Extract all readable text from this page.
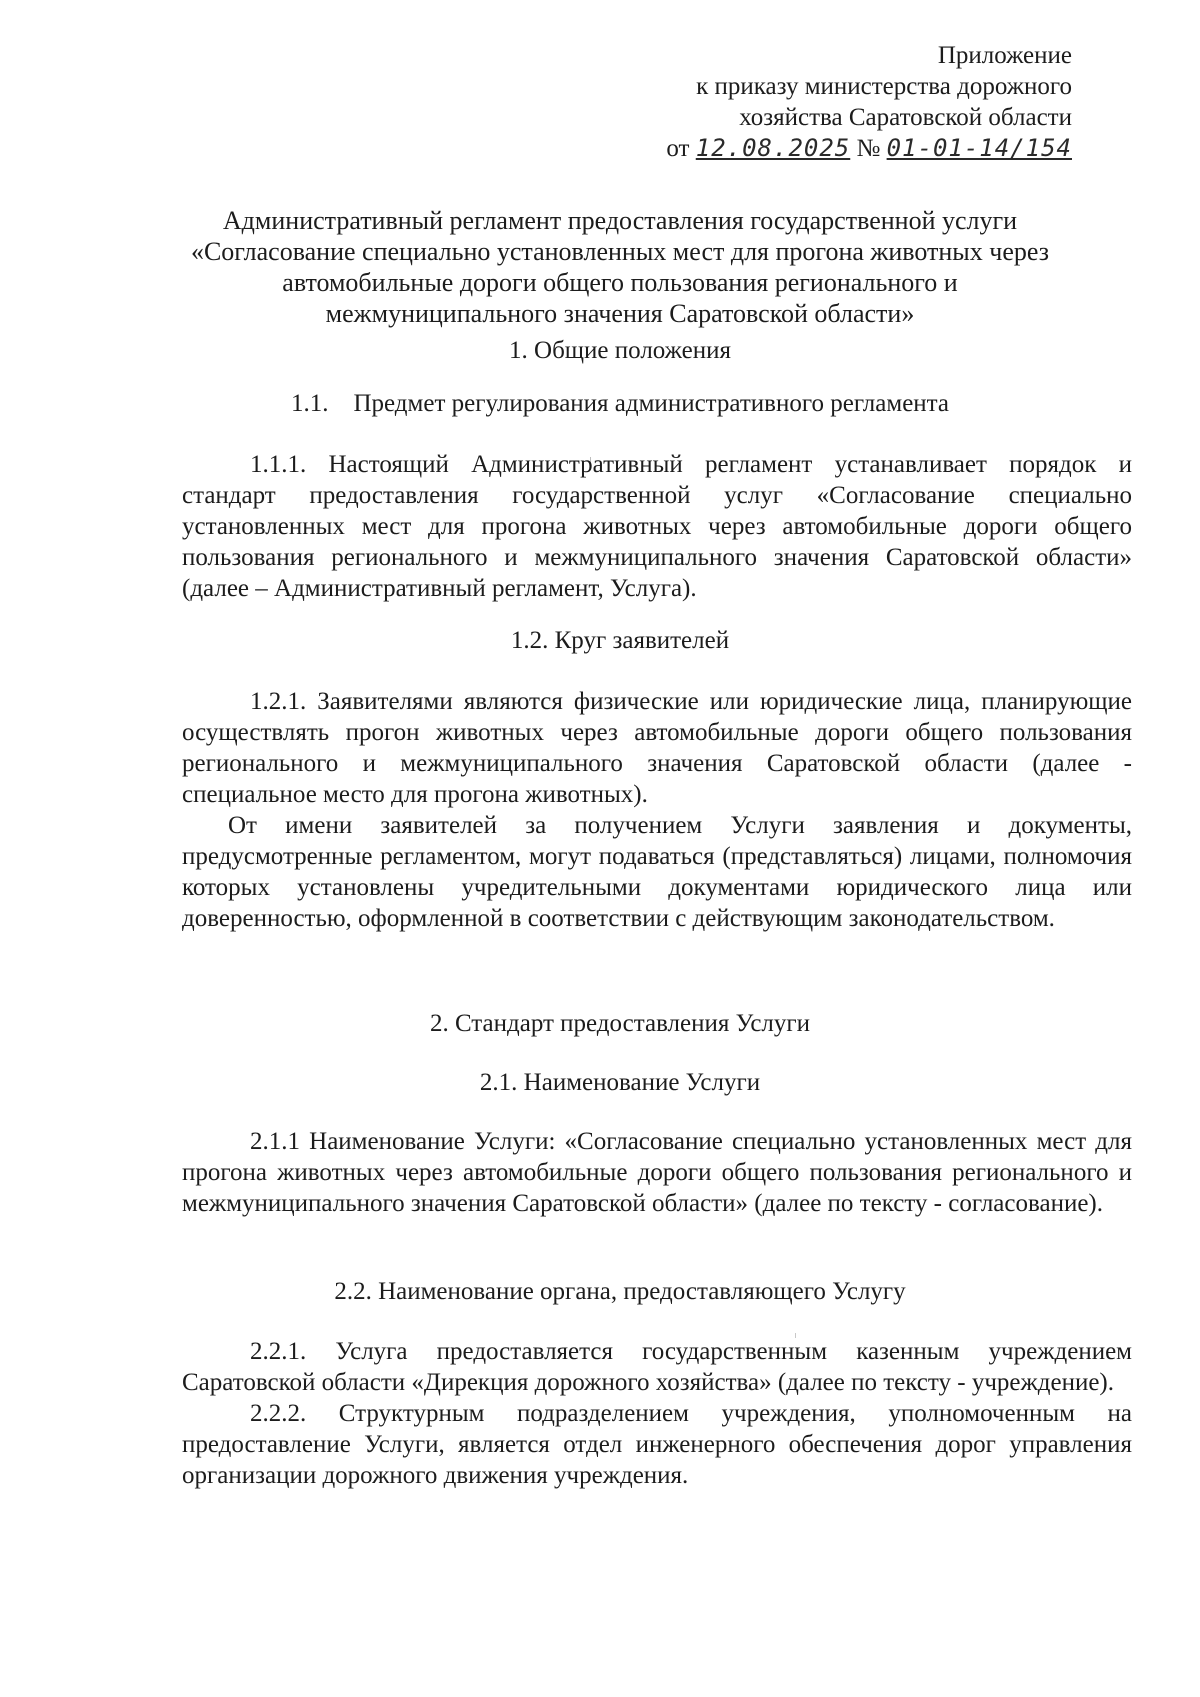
Приложение
к приказу министерства дорожного
хозяйства Саратовской области
от 12.08.2025 № 01-01-14/154
Административный регламент предоставления государственной услуги
«Согласование специально установленных мест для прогона животных через
автомобильные дороги общего пользования регионального и
межмуниципального значения Саратовской области»
1. Общие положения
1.1.    Предмет регулирования административного регламента

1.1.1. Настоящий Административный регламент устанавливает порядок и стандарт предоставления государственной услуг «Согласование специально установленных мест для прогона животных через автомобильные дороги общего пользования регионального и межмуниципального значения Саратовской области» (далее – Административный регламент, Услуга).

1.2. Круг заявителей

1.2.1. Заявителями являются физические или юридические лица, планирующие осуществлять прогон животных через автомобильные дороги общего пользования регионального и межмуниципального значения Саратовской области (далее - специальное место для прогона животных).

От имени заявителей за получением Услуги заявления и документы, предусмотренные регламентом, могут подаваться (представляться) лицами, полномочия которых установлены учредительными документами юридического лица или доверенностью, оформленной в соответствии с действующим законодательством.

2. Стандарт предоставления Услуги
2.1. Наименование Услуги

2.1.1 Наименование Услуги: «Согласование специально установленных мест для прогона животных через автомобильные дороги общего пользования регионального и межмуниципального значения Саратовской области» (далее по тексту - согласование).

2.2. Наименование органа, предоставляющего Услугу

2.2.1. Услуга предоставляется государственным казенным учреждением Саратовской области «Дирекция дорожного хозяйства» (далее по тексту - учреждение).

2.2.2. Структурным подразделением учреждения, уполномоченным на предоставление Услуги, является отдел инженерного обеспечения дорог управления организации дорожного движения учреждения.
